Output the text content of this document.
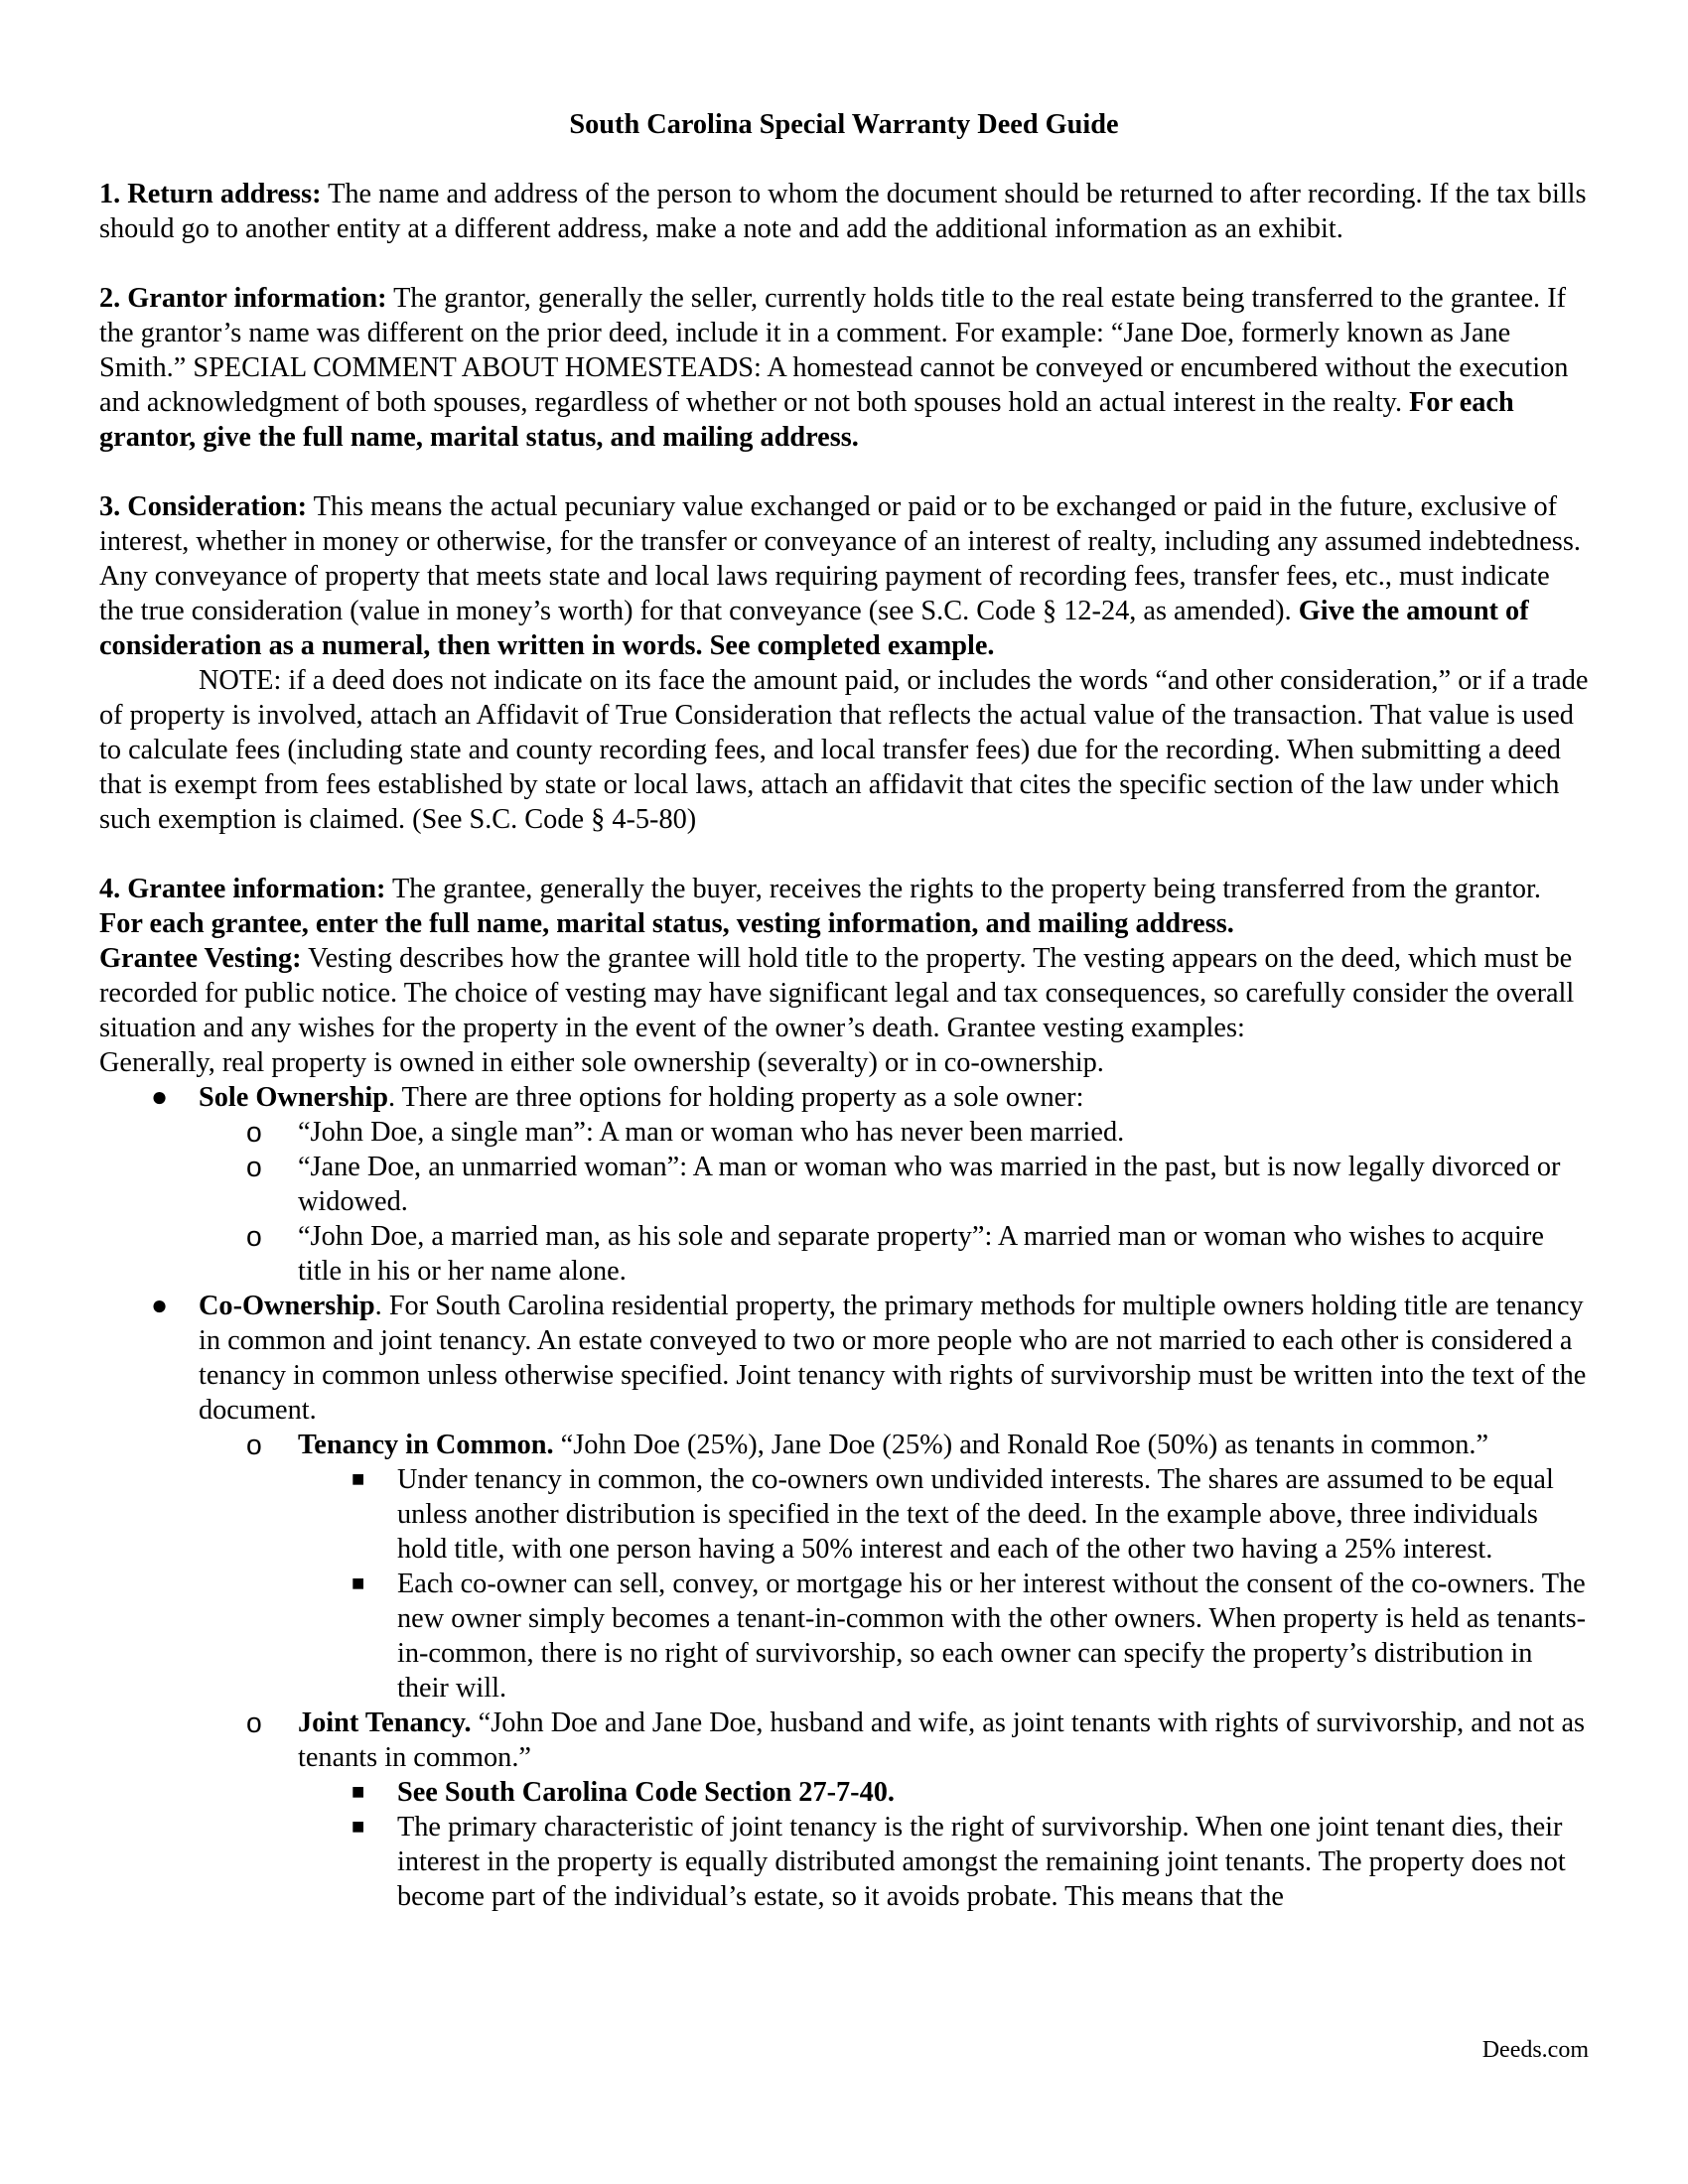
South Carolina Special Warranty Deed Guide

1. Return address: The name and address of the person to whom the document should be returned to after recording. If the tax bills should go to another entity at a different address, make a note and add the additional information as an exhibit.

2. Grantor information: The grantor, generally the seller, currently holds title to the real estate being transferred to the grantee. If the grantor’s name was different on the prior deed, include it in a comment. For example: “Jane Doe, formerly known as Jane Smith.” SPECIAL COMMENT ABOUT HOMESTEADS: A homestead cannot be conveyed or encumbered without the execution and acknowledgment of both spouses, regardless of whether or not both spouses hold an actual interest in the realty. For each grantor, give the full name, marital status, and mailing address.

3. Consideration: This means the actual pecuniary value exchanged or paid or to be exchanged or paid in the future, exclusive of interest, whether in money or otherwise, for the transfer or conveyance of an interest of realty, including any assumed indebtedness. Any conveyance of property that meets state and local laws requiring payment of recording fees, transfer fees, etc., must indicate the true consideration (value in money’s worth) for that conveyance (see S.C. Code § 12-24, as amended). Give the amount of consideration as a numeral, then written in words. See completed example.

NOTE: if a deed does not indicate on its face the amount paid, or includes the words “and other consideration,” or if a trade of property is involved, attach an Affidavit of True Consideration that reflects the actual value of the transaction. That value is used to calculate fees (including state and county recording fees, and local transfer fees) due for the recording. When submitting a deed that is exempt from fees established by state or local laws, attach an affidavit that cites the specific section of the law under which such exemption is claimed. (See S.C. Code § 4-5-80)

4. Grantee information: The grantee, generally the buyer, receives the rights to the property being transferred from the grantor. For each grantee, enter the full name, marital status, vesting information, and mailing address.

Grantee Vesting: Vesting describes how the grantee will hold title to the property. The vesting appears on the deed, which must be recorded for public notice. The choice of vesting may have significant legal and tax consequences, so carefully consider the overall situation and any wishes for the property in the event of the owner’s death. Grantee vesting examples:

Generally, real property is owned in either sole ownership (severalty) or in co-ownership.

● Sole Ownership. There are three options for holding property as a sole owner:
o “John Doe, a single man”: A man or woman who has never been married.
o “Jane Doe, an unmarried woman”: A man or woman who was married in the past, but is now legally divorced or widowed.
o “John Doe, a married man, as his sole and separate property”: A married man or woman who wishes to acquire title in his or her name alone.
● Co-Ownership. For South Carolina residential property, the primary methods for multiple owners holding title are tenancy in common and joint tenancy. An estate conveyed to two or more people who are not married to each other is considered a tenancy in common unless otherwise specified. Joint tenancy with rights of survivorship must be written into the text of the document.
o Tenancy in Common. “John Doe (25%), Jane Doe (25%) and Ronald Roe (50%) as tenants in common.”
■ Under tenancy in common, the co-owners own undivided interests. The shares are assumed to be equal unless another distribution is specified in the text of the deed. In the example above, three individuals hold title, with one person having a 50% interest and each of the other two having a 25% interest.
■ Each co-owner can sell, convey, or mortgage his or her interest without the consent of the co-owners. The new owner simply becomes a tenant-in-common with the other owners. When property is held as tenants-in-common, there is no right of survivorship, so each owner can specify the property’s distribution in their will.
o Joint Tenancy. “John Doe and Jane Doe, husband and wife, as joint tenants with rights of survivorship, and not as tenants in common.”
■ See South Carolina Code Section 27-7-40.
■ The primary characteristic of joint tenancy is the right of survivorship. When one joint tenant dies, their interest in the property is equally distributed amongst the remaining joint tenants. The property does not become part of the individual’s estate, so it avoids probate. This means that the
Deeds.com
